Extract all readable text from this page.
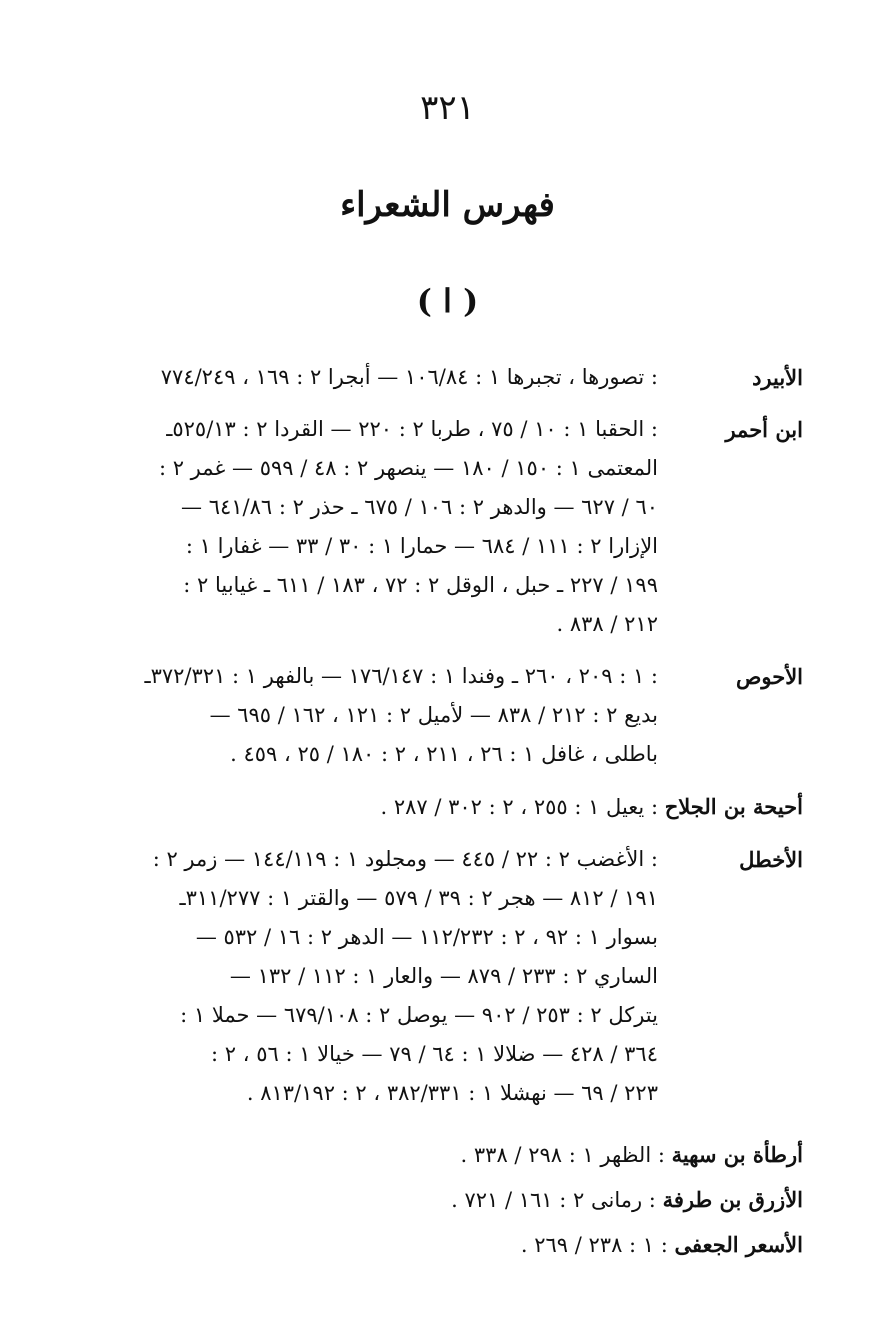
٣٢١
فهرس الشعراء
( ا )
الأبيرد
: تصورها ، تجبرها ١ : ١٠٦/٨٤ — أبجرا ٢ : ١٦٩ ، ٧٧٤/٢٤٩
ابن أحمر
: الحقبا ١ : ١٠ / ٧٥ ، طربا ٢ : ٢٢٠ — القردا ٢ : ٥٢٥/١٣ـ
المعتمى ١ : ١٥٠ / ١٨٠ — ينصهر ٢ : ٤٨ / ٥٩٩ — غمر ٢ :
٦٠ / ٦٢٧ — والدهر ٢ : ١٠٦ / ٦٧٥ ـ حذر ٢ : ٦٤١/٨٦ —
الإزارا ٢ : ١١١ / ٦٨٤ — حمارا ١ : ٣٠ / ٣٣ — غفارا ١ :
١٩٩ / ٢٢٧ ـ حبل ، الوقل ٢ : ٧٢ ، ١٨٣ / ٦١١ ـ غيابيا ٢ :
٢١٢ / ٨٣٨ .
الأحوص
: ١ : ٢٠٩ ، ٢٦٠ ـ وفندا ١ : ١٧٦/١٤٧ — بالفهر ١ : ٣٧٢/٣٢١ـ
بديع ٢ : ٢١٢ / ٨٣٨ — لأميل ٢ : ١٢١ ، ١٦٢ / ٦٩٥ —
باطلى ، غافل ١ : ٢٦ ، ٢١١ ، ٢ : ١٨٠ / ٢٥ ، ٤٥٩ .
أحيحة بن الجلاح : يعيل ١ : ٢٥٥ ، ٢ : ٣٠٢ / ٢٨٧ .
الأخطل
: الأغضب ٢ : ٢٢ / ٤٤٥ — ومجلود ١ : ١٤٤/١١٩ — زمر ٢ :
١٩١ / ٨١٢ — هجر ٢ : ٣٩ / ٥٧٩ — والقتر ١ : ٣١١/٢٧٧ـ
بسوار ١ : ٩٢ ، ٢ : ١١٢/٢٣٢ — الدهر ٢ : ١٦ / ٥٣٢ —
الساري ٢ : ٢٣٣ / ٨٧٩ — والعار ١ : ١١٢ / ١٣٢ —
يتركل ٢ : ٢٥٣ / ٩٠٢ — يوصل ٢ : ٦٧٩/١٠٨ — حملا ١ :
٣٦٤ / ٤٢٨ — ضلالا ١ : ٦٤ / ٧٩ — خيالا ١ : ٥٦ ، ٢ :
٢٢٣ / ٦٩ — نهشلا ١ : ٣٨٢/٣٣١ ، ٢ : ٨١٣/١٩٢ .
أرطأة بن سهية : الظهر ١ : ٢٩٨ / ٣٣٨ .
الأزرق بن طرفة : رمانى ٢ : ١٦١ / ٧٢١ .
الأسعر الجعفى : ١ : ٢٣٨ / ٢٦٩ .
